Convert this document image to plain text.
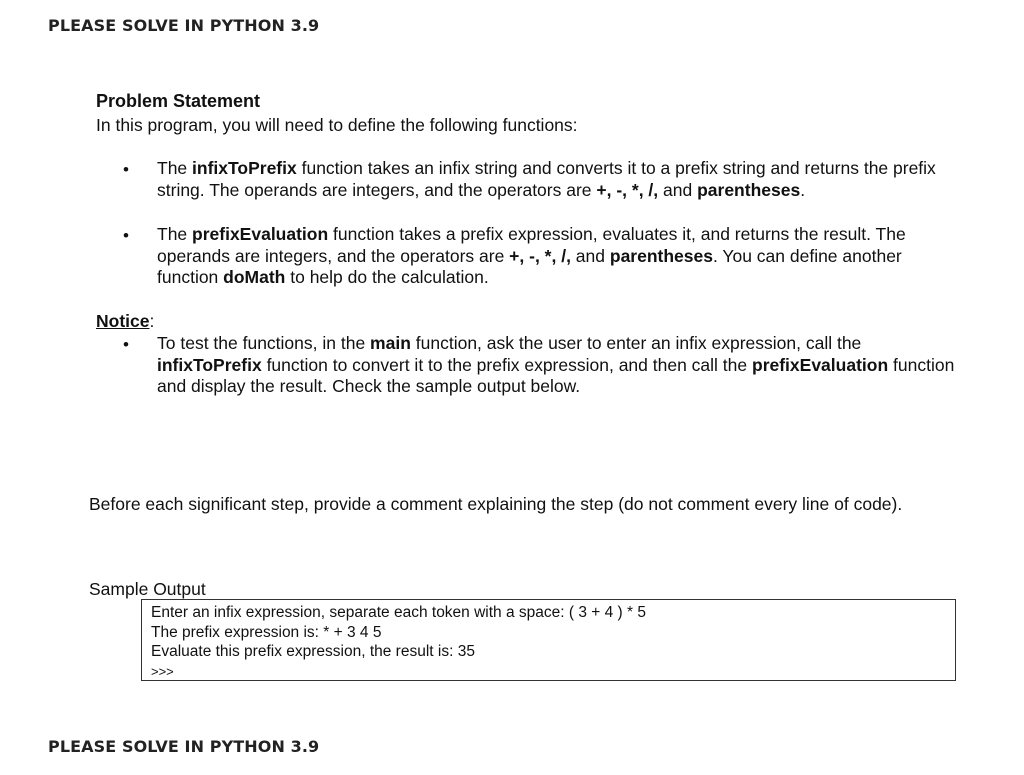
PLEASE SOLVE IN PYTHON 3.9
Problem Statement
In this program, you will need to define the following functions:
• The infixToPrefix function takes an infix string and converts it to a prefix string and returns the prefix string. The operands are integers, and the operators are +, -, *, /, and parentheses.
• The prefixEvaluation function takes a prefix expression, evaluates it, and returns the result. The operands are integers, and the operators are +, -, *, /, and parentheses. You can define another function doMath to help do the calculation.
Notice:
• To test the functions, in the main function, ask the user to enter an infix expression, call the infixToPrefix function to convert it to the prefix expression, and then call the prefixEvaluation function and display the result. Check the sample output below.
Before each significant step, provide a comment explaining the step (do not comment every line of code).
Sample Output
Enter an infix expression, separate each token with a space: ( 3 + 4 ) * 5
The prefix expression is: * + 3 4 5
Evaluate this prefix expression, the result is: 35
>>>
PLEASE SOLVE IN PYTHON 3.9
